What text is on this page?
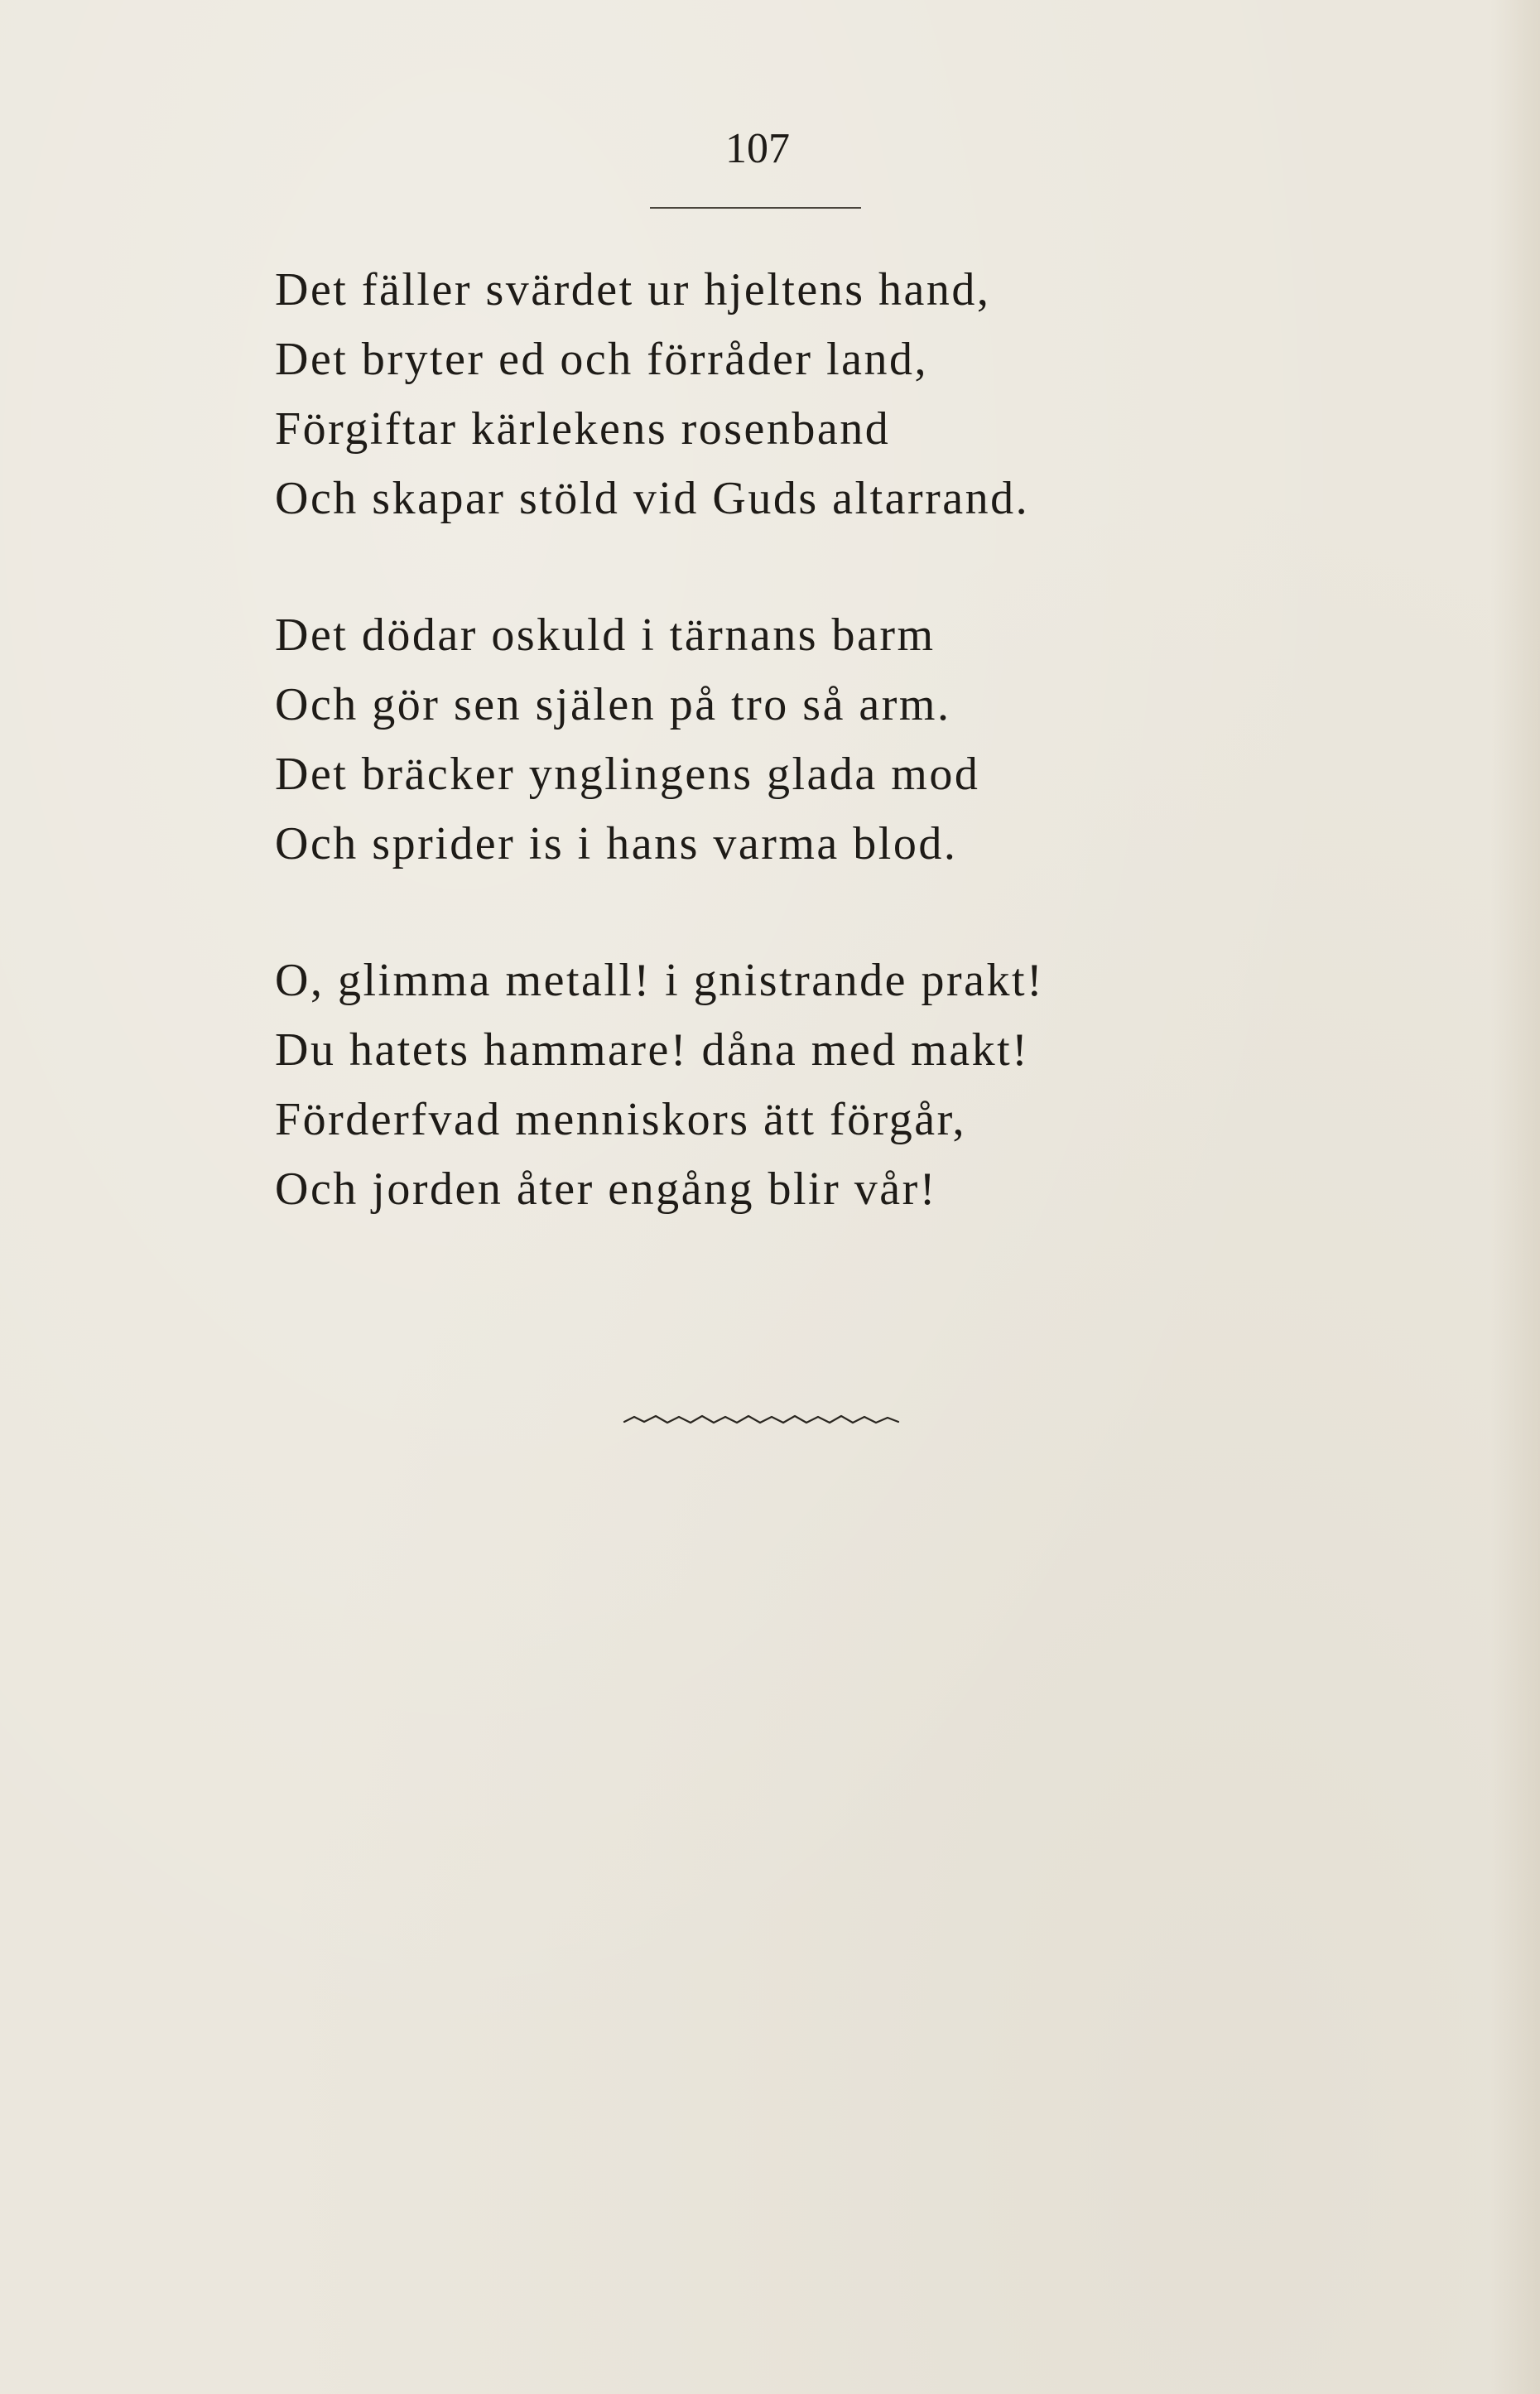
107
Det fäller svärdet ur hjeltens hand,
Det bryter ed och förråder land,
Förgiftar kärlekens rosenband
Och skapar stöld vid Guds altarrand.
Det dödar oskuld i tärnans barm
Och gör sen själen på tro så arm.
Det bräcker ynglingens glada mod
Och sprider is i hans varma blod.
O, glimma metall! i gnistrande prakt!
Du hatets hammare! dåna med makt!
Förderfvad menniskors ätt förgår,
Och jorden åter engång blir vår!
